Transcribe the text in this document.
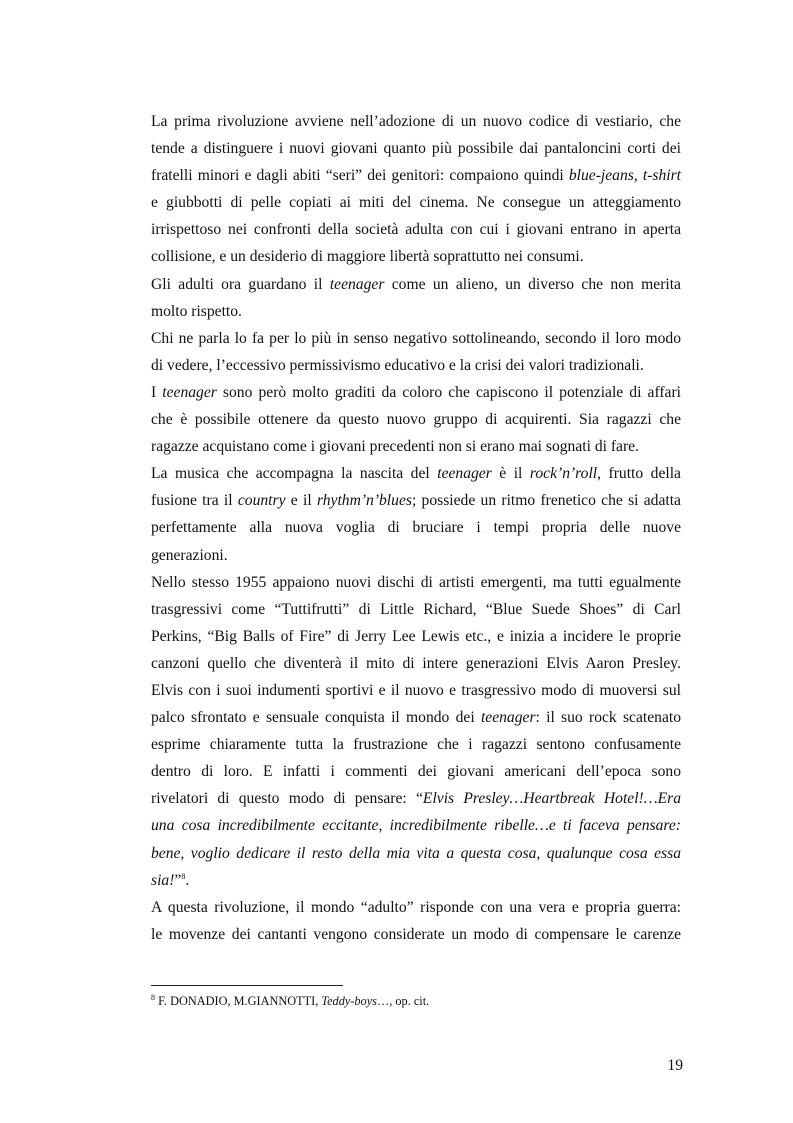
La prima rivoluzione avviene nell’adozione di un nuovo codice di vestiario, che
tende a distinguere i nuovi giovani quanto più possibile dai pantaloncini corti dei
fratelli minori e dagli abiti “seri” dei genitori: compaiono quindi blue-jeans, t-shirt
e giubbotti di pelle copiati ai miti del cinema. Ne consegue un atteggiamento
irrispettoso nei confronti della società adulta con cui i giovani entrano in aperta
collisione, e un desiderio di maggiore libertà soprattutto nei consumi.
Gli adulti ora guardano il teenager come un alieno, un diverso che non merita
molto rispetto.
Chi ne parla lo fa per lo più in senso negativo sottolineando, secondo il loro modo
di vedere, l’eccessivo permissivismo educativo e la crisi dei valori tradizionali.
I teenager sono però molto graditi da coloro che capiscono il potenziale di affari
che è possibile ottenere da questo nuovo gruppo di acquirenti. Sia ragazzi che
ragazze acquistano come i giovani precedenti non si erano mai sognati di fare.
La musica che accompagna la nascita del teenager è il rock’n’roll, frutto della
fusione tra il country e il rhythm’n’blues; possiede un ritmo frenetico che si adatta
perfettamente alla nuova voglia di bruciare i tempi propria delle nuove
generazioni.
Nello stesso 1955 appaiono nuovi dischi di artisti emergenti, ma tutti egualmente
trasgressivi come “Tuttifrutti” di Little Richard, “Blue Suede Shoes” di Carl
Perkins, “Big Balls of Fire” di Jerry Lee Lewis etc., e inizia a incidere le proprie
canzoni quello che diventerà il mito di intere generazioni Elvis Aaron Presley.
Elvis con i suoi indumenti sportivi e il nuovo e trasgressivo modo di muoversi sul
palco sfrontato e sensuale conquista il mondo dei teenager: il suo rock scatenato
esprime chiaramente tutta la frustrazione che i ragazzi sentono confusamente
dentro di loro. E infatti i commenti dei giovani americani dell’epoca sono
rivelatori di questo modo di pensare: “Elvis Presley…Heartbreak Hotel!…Era
una cosa incredibilmente eccitante, incredibilmente ribelle…e ti faceva pensare:
bene, voglio dedicare il resto della mia vita a questa cosa, qualunque cosa essa
sia!”$^8$.
A questa rivoluzione, il mondo “adulto” risponde con una vera e propria guerra:
le movenze dei cantanti vengono considerate un modo di compensare le carenze
$^8$ F. DONADIO, M.GIANNOTTI, Teddy-boys…, op. cit.
19
